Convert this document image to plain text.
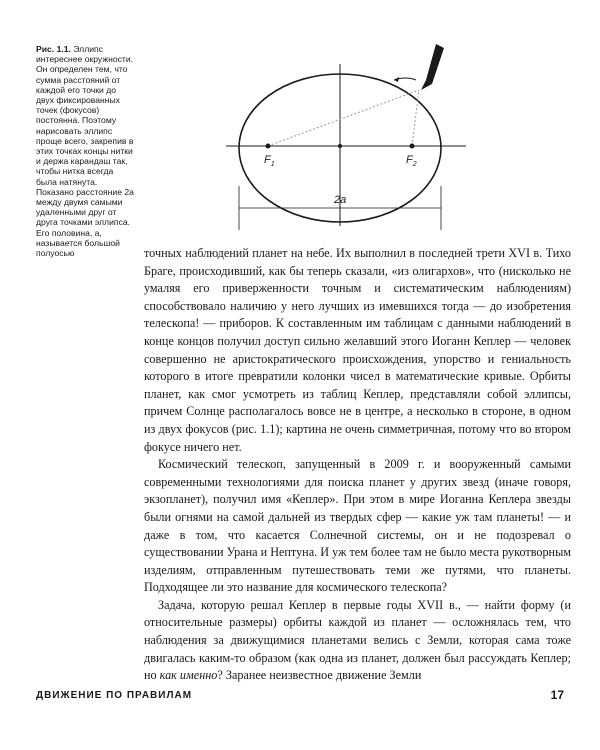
Рис. 1.1. Эллипс интереснее окружности. Он определен тем, что сумма расстояний от каждой его точки до двух фиксированных точек (фокусов) постоянна. Поэтому нарисовать эллипс проще всего, закрепив в этих точках концы нитки и держа карандаш так, чтобы нитка всегда была натянута. Показано расстояние 2a между двумя самыми удаленными друг от друга точками эллипса. Его половина, a, называется большой полуосью
$F_1$	$F_2$
2a

точных наблюдений планет на небе. Их выполнил в последней трети XVI в. Тихо Браге, происходивший, как бы теперь сказали, «из олигархов», что (нисколько не умаляя его приверженности точным и систематическим наблюдениям) способствовало наличию у него лучших из имевшихся тогда — до изобретения телескопа! — приборов. К составленным им таблицам с данными наблюдений в конце концов получил доступ сильно желавший этого Иоганн Кеплер — человек совершенно не аристократического происхождения, упорство и гениальность которого в итоге превратили колонки чисел в математические кривые. Орбиты планет, как смог усмотреть из таблиц Кеплер, представляли собой эллипсы, причем Солнце располагалось вовсе не в центре, а несколько в стороне, в одном из двух фокусов (рис. 1.1); картина не очень симметричная, потому что во втором фокусе ничего нет.

Космический телескоп, запущенный в 2009 г. и вооруженный самыми современными технологиями для поиска планет у других звезд (иначе говоря, экзопланет), получил имя «Кеплер». При этом в мире Иоганна Кеплера звезды были огнями на самой дальней из твердых сфер — какие уж там планеты! — и даже в том, что касается Солнечной системы, он и не подозревал о существовании Урана и Нептуна. И уж тем более там не было места рукотворным изделиям, отправленным путешествовать теми же путями, что планеты. Подходящее ли это название для космического телескопа?

Задача, которую решал Кеплер в первые годы XVII в., — найти форму (и относительные размеры) орбиты каждой из планет — осложнялась тем, что наблюдения за движущимися планетами велись с Земли, которая сама тоже двигалась каким-то образом (как одна из планет, должен был рассуждать Кеплер; но как именно? Заранее неизвестное движение Земли

ДВИЖЕНИЕ ПО ПРАВИЛАМ	17
